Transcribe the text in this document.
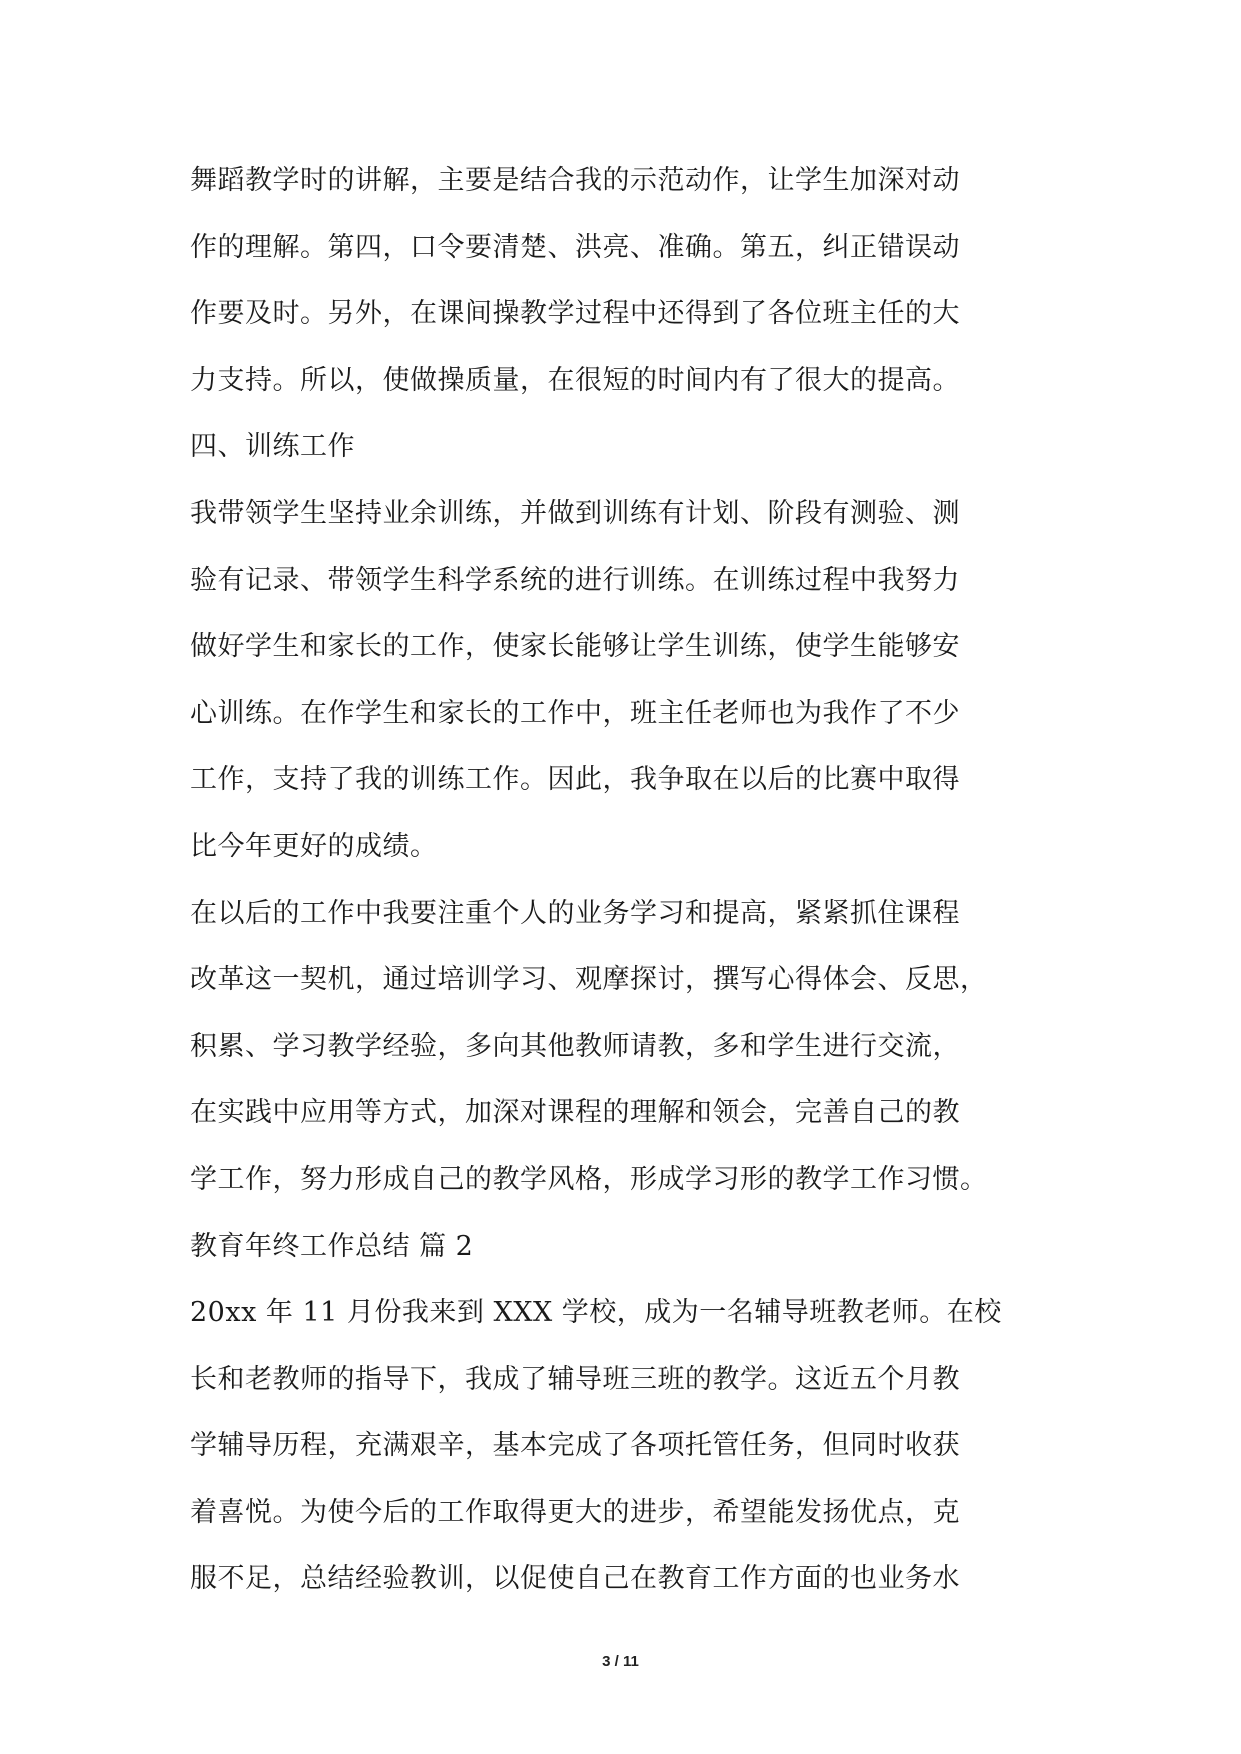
舞蹈教学时的讲解，主要是结合我的示范动作，让学生加深对动
作的理解。第四，口令要清楚、洪亮、准确。第五，纠正错误动
作要及时。另外，在课间操教学过程中还得到了各位班主任的大
力支持。所以，使做操质量，在很短的时间内有了很大的提高。
四、训练工作
我带领学生坚持业余训练，并做到训练有计划、阶段有测验、测
验有记录、带领学生科学系统的进行训练。在训练过程中我努力
做好学生和家长的工作，使家长能够让学生训练，使学生能够安
心训练。在作学生和家长的工作中，班主任老师也为我作了不少
工作，支持了我的训练工作。因此，我争取在以后的比赛中取得
比今年更好的成绩。
在以后的工作中我要注重个人的业务学习和提高，紧紧抓住课程
改革这一契机，通过培训学习、观摩探讨，撰写心得体会、反思，
积累、学习教学经验，多向其他教师请教，多和学生进行交流，
在实践中应用等方式，加深对课程的理解和领会，完善自己的教
学工作，努力形成自己的教学风格，形成学习形的教学工作习惯。
教育年终工作总结 篇 2
20xx 年 11 月份我来到 XXX 学校，成为一名辅导班教老师。在校
长和老教师的指导下，我成了辅导班三班的教学。这近五个月教
学辅导历程，充满艰辛，基本完成了各项托管任务，但同时收获
着喜悦。为使今后的工作取得更大的进步，希望能发扬优点，克
服不足，总结经验教训，以促使自己在教育工作方面的也业务水
3 / 11
